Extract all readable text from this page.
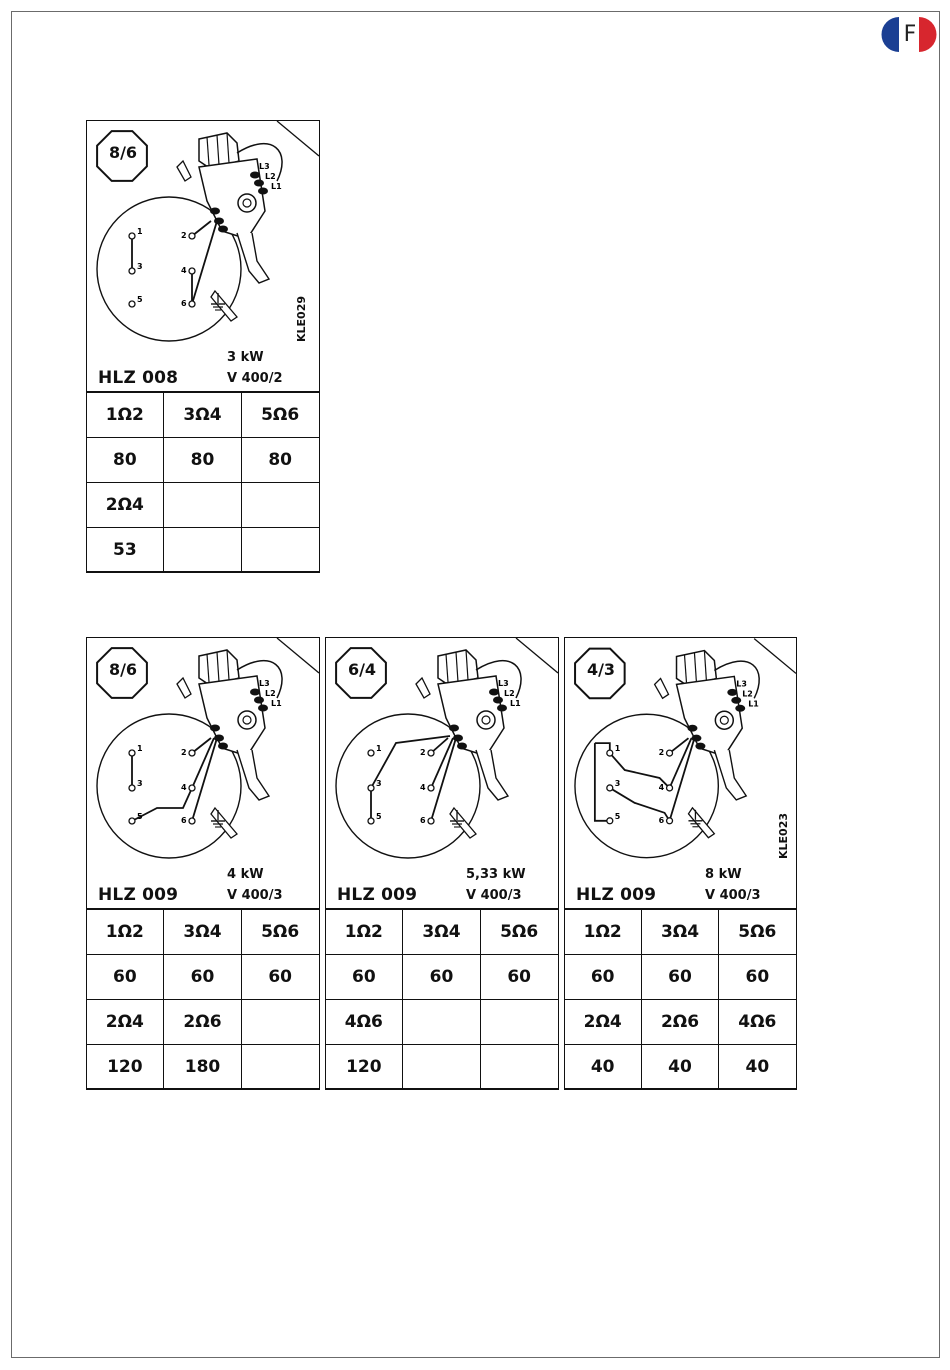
F
L3
L2
L1
1	2
3	4
5	6
8/6
3 kW
HLZ 008	V 400/2
KLE029
1Ω2	3Ω4	5Ω6
80	80	80
2Ω4		
53		
L3
L2
L1
1	2
3	4
5	6
8/6
4 kW
HLZ 009	V 400/3
1Ω2	3Ω4	5Ω6
60	60	60
2Ω4	2Ω6	
120	180	
L3
L2
L1
1	2
3	4
5	6
6/4
5,33 kW
HLZ 009	V 400/3
1Ω2	3Ω4	5Ω6
60	60	60
4Ω6		
120		
L3
L2
L1
1	2
3	4
5	6
4/3
8 kW
HLZ 009	V 400/3
KLE023
1Ω2	3Ω4	5Ω6
60	60	60
2Ω4	2Ω6	4Ω6
40	40	40
